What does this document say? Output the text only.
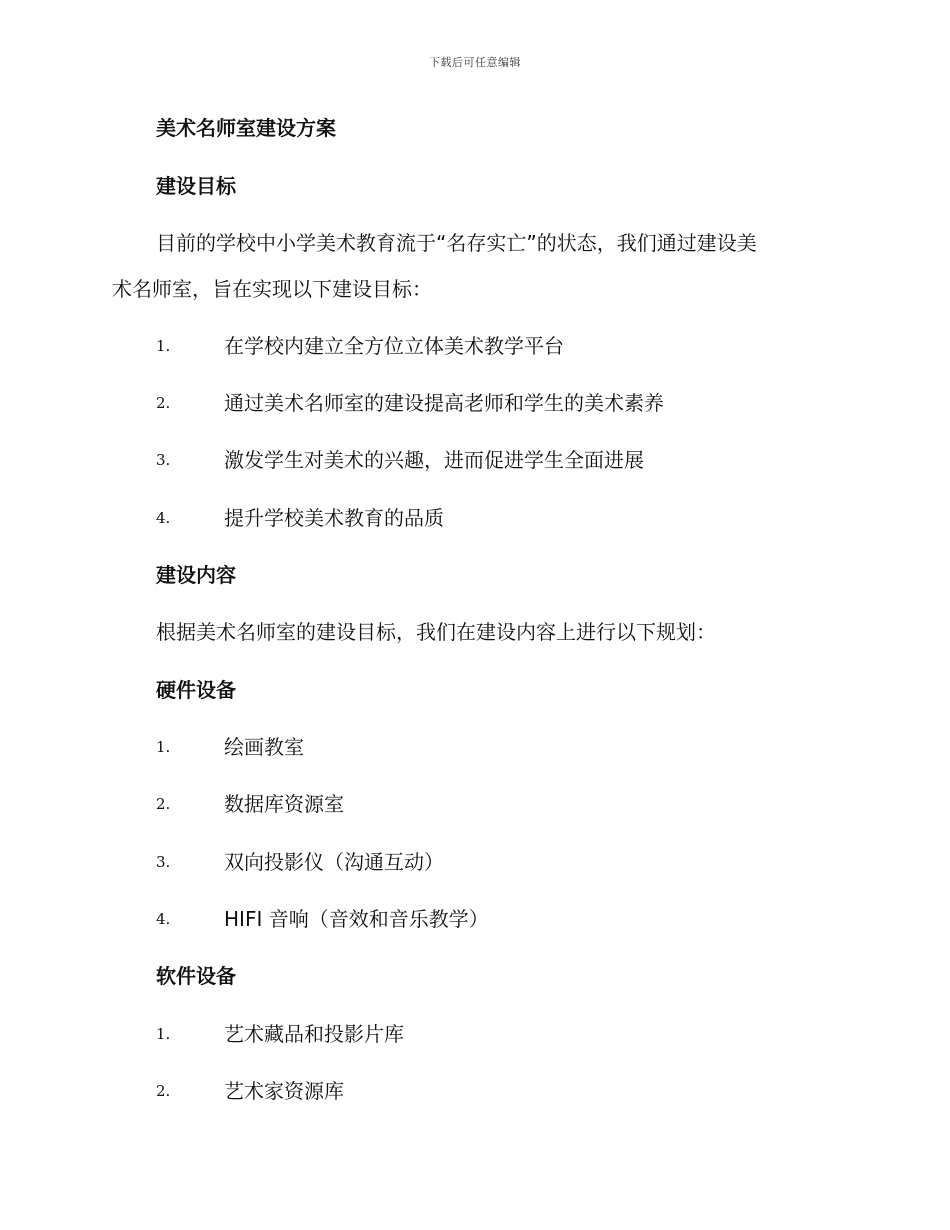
下载后可任意编辑
美术名师室建设方案
建设目标
目前的学校中小学美术教育流于“名存实亡”的状态，我们通过建设美
术名师室，旨在实现以下建设目标：
1.	在学校内建立全方位立体美术教学平台
2.	通过美术名师室的建设提高老师和学生的美术素养
3.	激发学生对美术的兴趣，进而促进学生全面进展
4.	提升学校美术教育的品质
建设内容
根据美术名师室的建设目标，我们在建设内容上进行以下规划：
硬件设备
1.	绘画教室
2.	数据库资源室
3.	双向投影仪（沟通互动）
4.	HIFI 音响（音效和音乐教学）
软件设备
1.	艺术藏品和投影片库
2.	艺术家资源库
